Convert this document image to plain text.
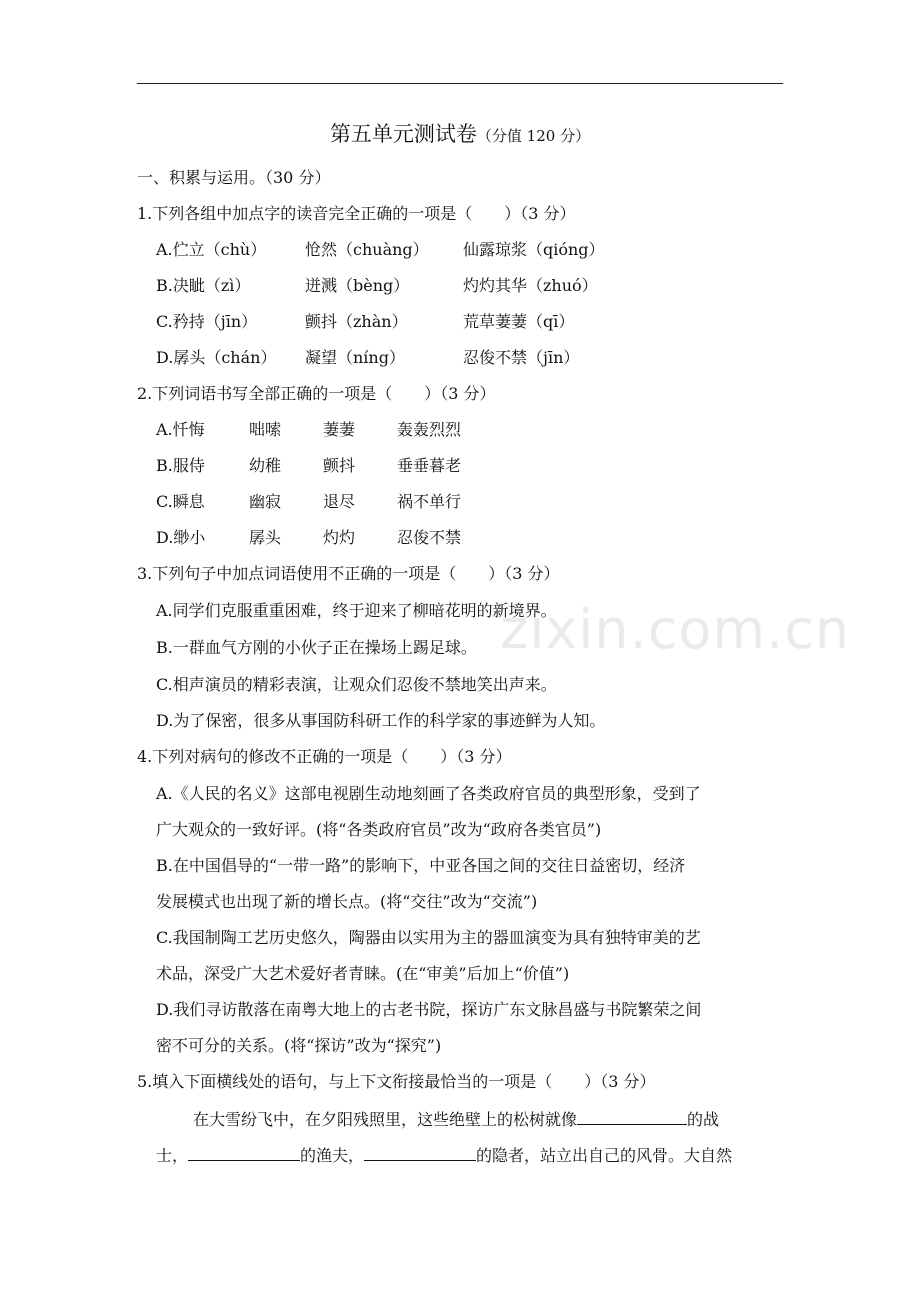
第五单元测试卷（分值 120 分）
一、积累与运用。（30 分）
1.下列各组中加点字的读音完全正确的一项是（　　）（3 分）
A.伫立（chù） 怆然（chuàng） 仙露琼浆（qióng）
B.决眦（zì）	迸溅（bèng）	灼灼其华（zhuó）
C.矜持（jīn）	颤抖（zhàn）	荒草萋萋（qī）
D.孱头（chán） 凝望（níng）	忍俊不禁（jīn）
2.下列词语书写全部正确的一项是（　　）（3 分）
A.忏悔	咄嗦	萋萋	轰轰烈烈
B.服侍	幼稚	颤抖	垂垂暮老
C.瞬息	幽寂	退尽	祸不单行
D.缈小	孱头	灼灼	忍俊不禁
zixin.com.cn
3.下列句子中加点词语使用不正确的一项是（　　）（3 分）
A.同学们克服重重困难，终于迎来了柳暗花明的新境界。
B.一群血气方刚的小伙子正在操场上踢足球。
C.相声演员的精彩表演，让观众们忍俊不禁地笑出声来。
D.为了保密，很多从事国防科研工作的科学家的事迹鲜为人知。
4.下列对病句的修改不正确的一项是（　　）（3 分）
A.《人民的名义》这部电视剧生动地刻画了各类政府官员的典型形象，受到了
广大观众的一致好评。(将“各类政府官员”改为“政府各类官员”)
B.在中国倡导的“一带一路”的影响下，中亚各国之间的交往日益密切，经济
发展模式也出现了新的增长点。(将“交往”改为“交流”)
C.我国制陶工艺历史悠久，陶器由以实用为主的器皿演变为具有独特审美的艺
术品，深受广大艺术爱好者青睐。(在“审美”后加上“价值”)
D.我们寻访散落在南粤大地上的古老书院，探访广东文脉昌盛与书院繁荣之间
密不可分的关系。(将“探访”改为“探究”)
5.填入下面横线处的语句，与上下文衔接最恰当的一项是（　　）（3 分）
在大雪纷飞中，在夕阳残照里，这些绝壁上的松树就像	的战
士，	的渔夫，	的隐者，站立出自己的风骨。大自然
